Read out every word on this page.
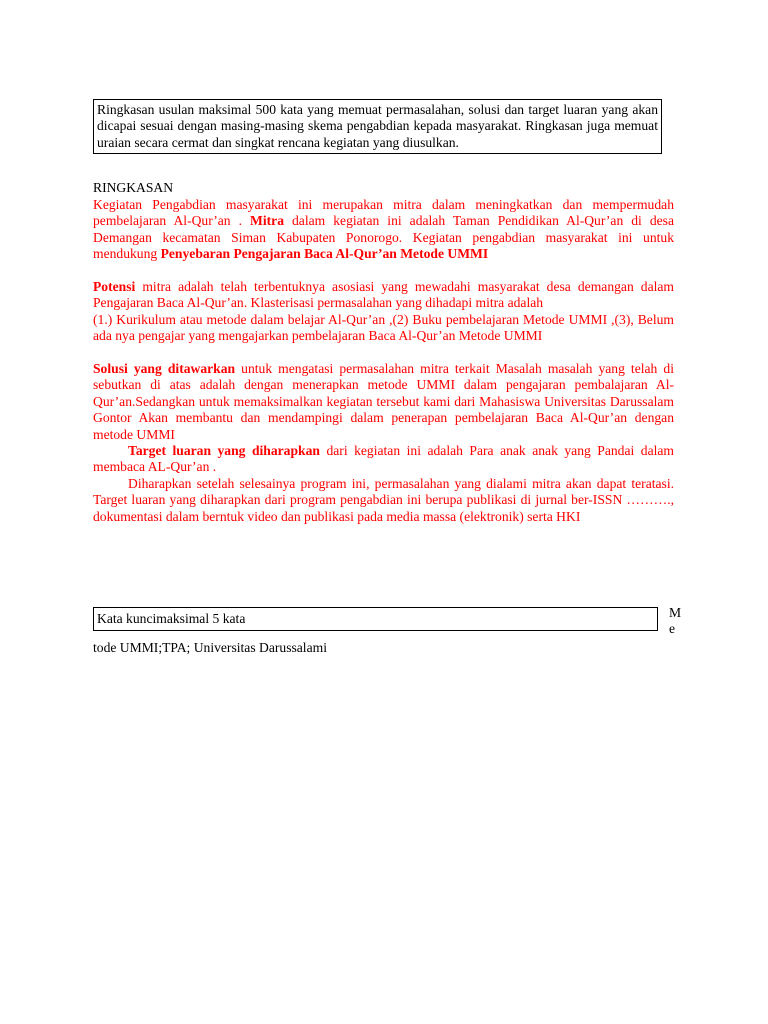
Ringkasan usulan maksimal 500 kata yang memuat permasalahan, solusi dan target luaran yang akan dicapai sesuai dengan masing-masing skema pengabdian kepada masyarakat. Ringkasan juga memuat uraian secara cermat dan singkat rencana kegiatan yang diusulkan.
RINGKASAN

Kegiatan Pengabdian masyarakat ini merupakan mitra dalam meningkatkan dan mempermudah pembelajaran Al-Qur’an . Mitra dalam kegiatan ini adalah Taman Pendidikan Al-Qur’an di desa Demangan kecamatan Siman Kabupaten Ponorogo. Kegiatan pengabdian masyarakat ini untuk mendukung Penyebaran Pengajaran Baca Al-Qur’an Metode UMMI

Potensi mitra adalah telah terbentuknya asosiasi yang mewadahi masyarakat desa demangan dalam Pengajaran Baca Al-Qur’an. Klasterisasi permasalahan yang dihadapi mitra adalah

(1.) Kurikulum atau metode dalam belajar Al-Qur’an ,(2) Buku pembelajaran Metode UMMI ,(3), Belum ada nya pengajar yang mengajarkan pembelajaran Baca Al-Qur’an Metode UMMI

Solusi yang ditawarkan untuk mengatasi permasalahan mitra terkait Masalah masalah yang telah di sebutkan di atas adalah dengan menerapkan metode UMMI dalam pengajaran pembalajaran Al-Qur’an.Sedangkan untuk memaksimalkan kegiatan tersebut kami dari Mahasiswa Universitas Darussalam Gontor Akan membantu dan mendampingi dalam penerapan pembelajaran Baca Al-Qur’an dengan metode UMMI

Target luaran yang diharapkan dari kegiatan ini adalah Para anak anak yang Pandai dalam membaca AL-Qur’an .

Diharapkan setelah selesainya program ini, permasalahan yang dialami mitra akan dapat teratasi. Target luaran yang diharapkan dari program pengabdian ini berupa publikasi di jurnal ber-ISSN ………., dokumentasi dalam berntuk video dan publikasi pada media massa (elektronik) serta HKI

Kata kuncimaksimal 5 kata	Me
tode UMMI;TPA; Universitas Darussalami
